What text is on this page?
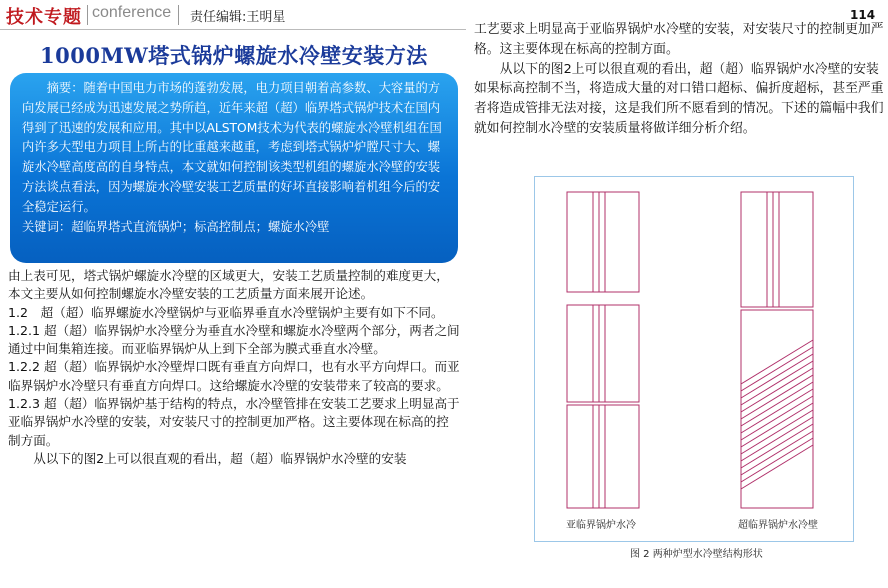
技术专题 conference 责任编辑:王明星	114
1000MW塔式锅炉螺旋水冷壁安装方法

摘要：随着中国电力市场的蓬勃发展，电力项目朝着高参数、大容量的方向发展已经成为迅速发展之势所趋，近年来超（超）临界塔式锅炉技术在国内得到了迅速的发展和应用。其中以ALSTOM技术为代表的螺旋水冷壁机组在国内许多大型电力项目上所占的比重越来越重，考虑到塔式锅炉炉膛尺寸大、螺旋水冷壁高度高的自身特点，本文就如何控制该类型机组的螺旋水冷壁的安装方法谈点看法，因为螺旋水冷壁安装工艺质量的好坏直接影响着机组今后的安全稳定运行。

关键词：超临界塔式直流锅炉；标高控制点；螺旋水冷壁

由上表可见，塔式锅炉螺旋水冷壁的区域更大，安装工艺质量控制的难度更大，本文主要从如何控制螺旋水冷壁安装的工艺质量方面来展开论述。

1.2　超（超）临界螺旋水冷壁锅炉与亚临界垂直水冷壁锅炉主要有如下不同。

1.2.1 超（超）临界锅炉水冷壁分为垂直水冷壁和螺旋水冷壁两个部分，两者之间通过中间集箱连接。而亚临界锅炉从上到下全部为膜式垂直水冷壁。

1.2.2 超（超）临界锅炉水冷壁焊口既有垂直方向焊口，也有水平方向焊口。而亚临界锅炉水冷壁只有垂直方向焊口。这给螺旋水冷壁的安装带来了较高的要求。

1.2.3 超（超）临界锅炉基于结构的特点，水冷壁管排在安装工艺要求上明显高于亚临界锅炉水冷壁的安装，对安装尺寸的控制更加严格。这主要体现在标高的控制方面。

从以下的图2上可以很直观的看出，超（超）临界锅炉水冷壁的安装

工艺要求上明显高于亚临界锅炉水冷壁的安装，对安装尺寸的控制更加严格。这主要体现在标高的控制方面。

从以下的图2上可以很直观的看出，超（超）临界锅炉水冷壁的安装如果标高控制不当，将造成大量的对口错口超标、偏折度超标，甚至严重者将造成管排无法对接，这是我们所不愿看到的情况。下述的篇幅中我们就如何控制水冷壁的安装质量将做详细分析介绍。

亚临界锅炉水冷	超临界锅炉水冷壁
图 2 两种炉型水冷壁结构形状
